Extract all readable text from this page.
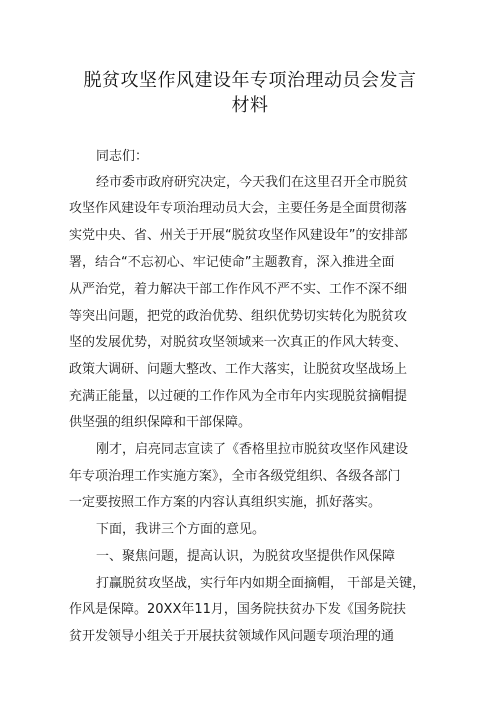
脱贫攻坚作风建设年专项治理动员会发言
材料
同志们：
经市委市政府研究决定，今天我们在这里召开全市脱贫
攻坚作风建设年专项治理动员大会，主要任务是全面贯彻落
实党中央、省、州关于开展“脱贫攻坚作风建设年”的安排部
署，结合“不忘初心、牢记使命”主题教育，深入推进全面
从严治党，着力解决干部工作作风不严不实、工作不深不细
等突出问题，把党的政治优势、组织优势切实转化为脱贫攻
坚的发展优势，对脱贫攻坚领域来一次真正的作风大转变、
政策大调研、问题大整改、工作大落实，让脱贫攻坚战场上
充满正能量，以过硬的工作作风为全市年内实现脱贫摘帽提
供坚强的组织保障和干部保障。
刚才，启亮同志宣读了《香格里拉市脱贫攻坚作风建设
年专项治理工作实施方案》，全市各级党组织、各级各部门
一定要按照工作方案的内容认真组织实施，抓好落实。
下面，我讲三个方面的意见。
一、聚焦问题，提高认识，为脱贫攻坚提供作风保障
打赢脱贫攻坚战，实行年内如期全面摘帽， 干部是关键，
作风是保障。20XX年11月，国务院扶贫办下发《国务院扶
贫开发领导小组关于开展扶贫领域作风问题专项治理的通
